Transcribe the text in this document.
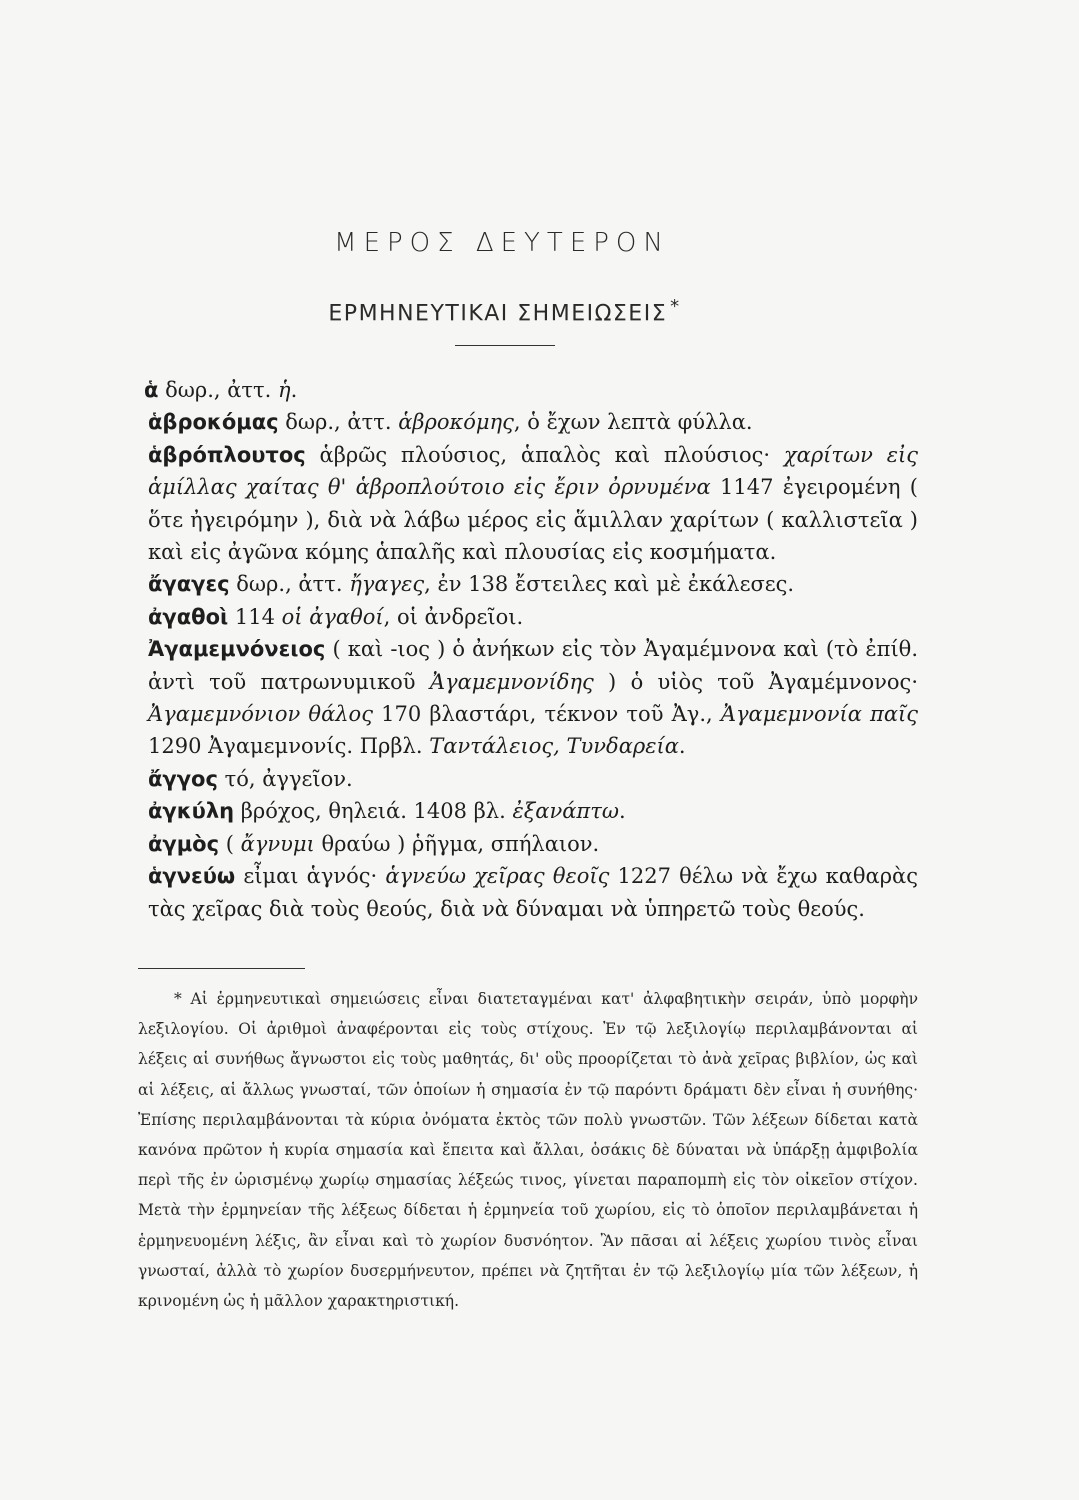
ΜΕΡΟΣ ΔΕΥΤΕΡΟΝ
ΕΡΜΗΝΕΥΤΙΚΑΙ ΣΗΜΕΙΩΣΕΙΣ *

ἁ δωρ., ἀττ. ἡ.

ἁβροκόμας δωρ., ἀττ. ἁβροκόμης, ὁ ἔχων λεπτὰ φύλλα.

ἁβρόπλουτος ἁβρῶς πλούσιος, ἁπαλὸς καὶ πλούσιος· χαρίτων εἰς ἁμίλλας χαίτας θ' ἁβροπλούτοιο εἰς ἔριν ὀρνυμένα 1147 ἐγειρομένη ( ὅτε ἠγειρόμην ), διὰ νὰ λάβω μέρος εἰς ἅμιλλαν χαρίτων ( καλλιστεῖα ) καὶ εἰς ἀγῶνα κόμης ἁπαλῆς καὶ πλουσίας εἰς κοσμήματα.

ἄγαγες δωρ., ἀττ. ἤγαγες, ἐν 138 ἔστειλες καὶ μὲ ἐκάλεσες.

ἀγαθοὶ 114 οἱ ἀγαθοί, οἱ ἀνδρεῖοι.

Ἀγαμεμνόνειος ( καὶ -ιος ) ὁ ἀνήκων εἰς τὸν Ἀγαμέμνονα καὶ (τὸ ἐπίθ. ἀντὶ τοῦ πατρωνυμικοῦ Ἀγαμεμνονίδης ) ὁ υἱὸς τοῦ Ἀγαμέμνονος· Ἀγαμεμνόνιον θάλος 170 βλαστάρι, τέκνον τοῦ Ἀγ., Ἀγαμεμνονία παῖς 1290 Ἀγαμεμνονίς. Πρβλ. Ταντάλειος, Τυνδαρεία.

ἄγγος τό, ἀγγεῖον.

ἀγκύλη βρόχος, θηλειά. 1408 βλ. ἐξανάπτω.

ἀγμὸς ( ἄγνυμι θραύω ) ῥῆγμα, σπήλαιον.

ἁγνεύω εἶμαι ἁγνός· ἁγνεύω χεῖρας θεοῖς 1227 θέλω νὰ ἔχω καθαρὰς τὰς χεῖρας διὰ τοὺς θεούς, διὰ νὰ δύναμαι νὰ ὑπηρετῶ τοὺς θεούς.

* Αἱ ἑρμηνευτικαὶ σημειώσεις εἶναι διατεταγμέναι κατ' ἀλφαβητικὴν σειράν, ὑπὸ μορφὴν λεξιλογίου. Οἱ ἀριθμοὶ ἀναφέρονται εἰς τοὺς στίχους. Ἐν τῷ λεξιλογίῳ περιλαμβάνονται αἱ λέξεις αἱ συνήθως ἄγνωστοι εἰς τοὺς μαθητάς, δι' οὓς προορίζεται τὸ ἀνὰ χεῖρας βιβλίον, ὡς καὶ αἱ λέξεις, αἱ ἄλλως γνωσταί, τῶν ὁποίων ἡ σημασία ἐν τῷ παρόντι δράματι δὲν εἶναι ἡ συνήθης· Ἐπίσης περιλαμβάνονται τὰ κύρια ὀνόματα ἐκτὸς τῶν πολὺ γνωστῶν. Τῶν λέξεων δίδεται κατὰ κανόνα πρῶτον ἡ κυρία σημασία καὶ ἔπειτα καὶ ἄλλαι, ὁσάκις δὲ δύναται νὰ ὑπάρξῃ ἀμφιβολία περὶ τῆς ἐν ὡρισμένῳ χωρίῳ σημασίας λέξεώς τινος, γίνεται παραπομπὴ εἰς τὸν οἰκεῖον στίχον. Μετὰ τὴν ἑρμηνείαν τῆς λέξεως δίδεται ἡ ἑρμηνεία τοῦ χωρίου, εἰς τὸ ὁποῖον περιλαμβάνεται ἡ ἑρμηνευομένη λέξις, ἂν εἶναι καὶ τὸ χωρίον δυσνόητον. Ἂν πᾶσαι αἱ λέξεις χωρίου τινὸς εἶναι γνωσταί, ἀλλὰ τὸ χωρίον δυσερμήνευτον, πρέπει νὰ ζητῆται ἐν τῷ λεξιλογίῳ μία τῶν λέξεων, ἡ κρινομένη ὡς ἡ μᾶλλον χαρακτηριστική.
